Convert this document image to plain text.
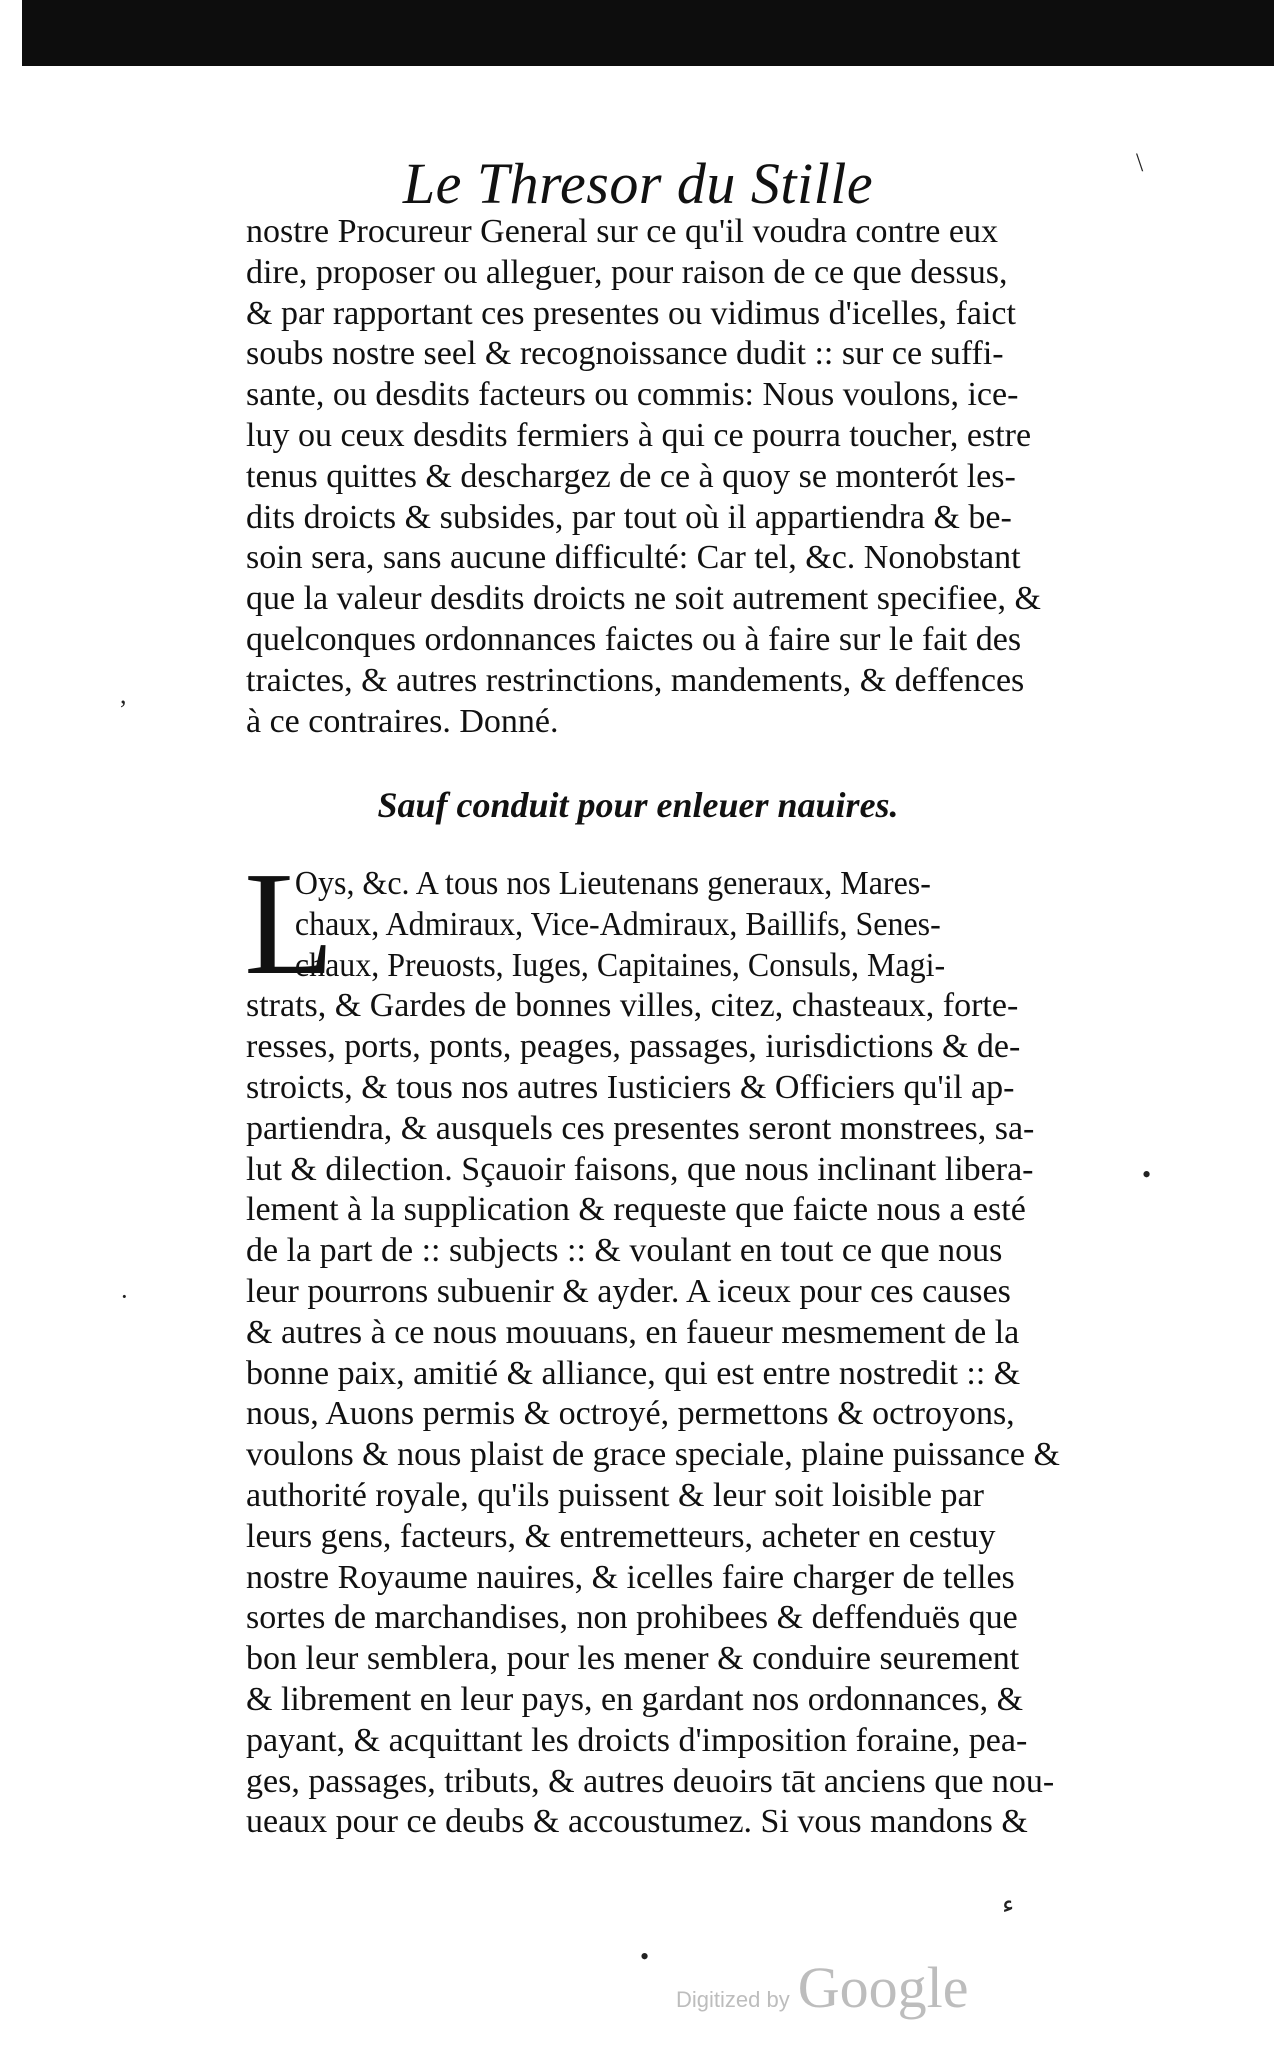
Le Thresor du Stille
nostre Procureur General sur ce qu'il voudra contre eux
dire, proposer ou alleguer, pour raison de ce que dessus,
& par rapportant ces presentes ou vidimus d'icelles, faict
soubs nostre seel & recognoissance dudit :: sur ce suffi-
sante, ou desdits facteurs ou commis: Nous voulons, ice-
luy ou ceux desdits fermiers à qui ce pourra toucher, estre
tenus quittes & deschargez de ce à quoy se monterót les-
dits droicts & subsides, par tout où il appartiendra & be-
soin sera, sans aucune difficulté: Car tel, &c. Nonobstant
que la valeur desdits droicts ne soit autrement specifiee, &
quelconques ordonnances faictes ou à faire sur le fait des
traictes, & autres restrinctions, mandements, & deffences
à ce contraires. Donné.
Sauf conduit pour enleuer nauires.
L
Oys, &c. A tous nos Lieutenans generaux, Mares-
chaux, Admiraux, Vice-Admiraux, Baillifs, Senes-
chaux, Preuosts, Iuges, Capitaines, Consuls, Magi-
strats, & Gardes de bonnes villes, citez, chasteaux, forte-
resses, ports, ponts, peages, passages, iurisdictions & de-
stroicts, & tous nos autres Iusticiers & Officiers qu'il ap-
partiendra, & ausquels ces presentes seront monstrees, sa-
lut & dilection. Sçauoir faisons, que nous inclinant libera-
lement à la supplication & requeste que faicte nous a esté
de la part de :: subjects :: & voulant en tout ce que nous
leur pourrons subuenir & ayder. A iceux pour ces causes
& autres à ce nous mouuans, en faueur mesmement de la
bonne paix, amitié & alliance, qui est entre nostredit :: &
nous, Auons permis & octroyé, permettons & octroyons,
voulons & nous plaist de grace speciale, plaine puissance &
authorité royale, qu'ils puissent & leur soit loisible par
leurs gens, facteurs, & entremetteurs, acheter en cestuy
nostre Royaume nauires, & icelles faire charger de telles
sortes de marchandises, non prohibees & deffenduës que
bon leur semblera, pour les mener & conduire seurement
& librement en leur pays, en gardant nos ordonnances, &
payant, & acquittant les droicts d'imposition foraine, pea-
ges, passages, tributs, & autres deuoirs tāt anciens que nou-
ueaux pour ce deubs & accoustumez. Si vous mandons &
\
,
•
·
ﺀ
•
Digitized by Google
